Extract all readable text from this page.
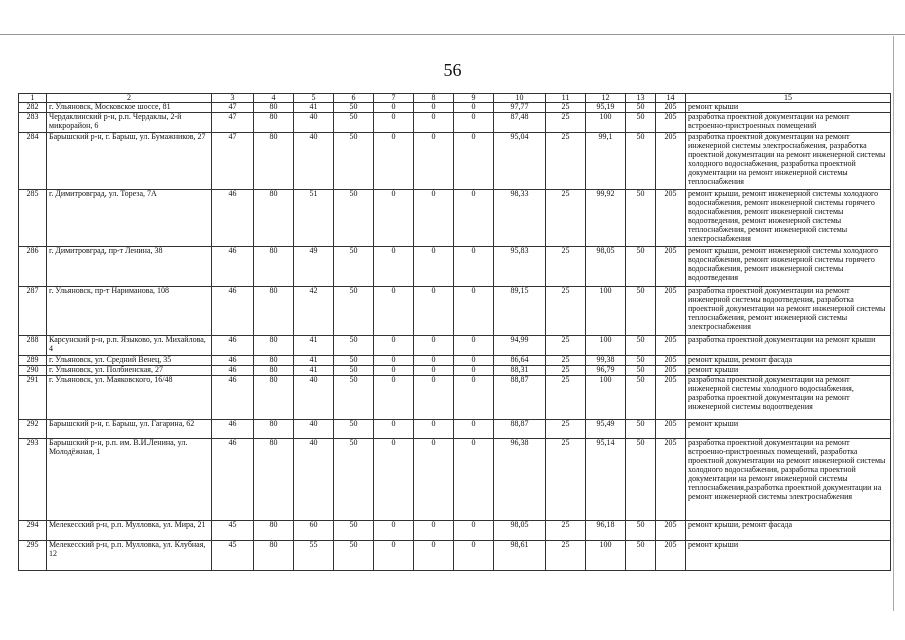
56
1	2	3	4	5	6	7	8	9	10	11	12	13	14	15
282	г. Ульяновск, Московское шоссе, 81	47	80	41	50	0	0	0	97,77	25	95,19	50	205	ремонт крыши
283	Чердаклинский р-н, р.п. Чердаклы, 2-й микрорайон, 6	47	80	40	50	0	0	0	87,48	25	100	50	205	разработка проектной документации на ремонт встроенно-пристроенных помещений
284	Барышский р-н, г. Барыш, ул. Бумажников, 27	47	80	40	50	0	0	0	95,04	25	99,1	50	205	разработка проектной документации на ремонт инженерной системы электроснабжения, разработка проектной документации на ремонт инженерной системы холодного водоснабжения, разработка проектной документации на ремонт инженерной системы теплоснабжения
285	г. Димитровград, ул. Тореза, 7А	46	80	51	50	0	0	0	98,33	25	99,92	50	205	ремонт крыши, ремонт инженерной системы холодного водоснабжения, ремонт инженерной системы горячего водоснабжения, ремонт инженерной системы водоотведения, ремонт инженерной системы теплоснабжения, ремонт инженерной системы электроснабжения
286	г. Димитровград, пр-т Ленина, 38	46	80	49	50	0	0	0	95,83	25	98,05	50	205	ремонт крыши, ремонт инженерной системы холодного водоснабжения, ремонт инженерной системы горячего водоснабжения, ремонт инженерной системы водоотведения
287	г. Ульяновск, пр-т Нариманова, 108	46	80	42	50	0	0	0	89,15	25	100	50	205	разработка проектной документации на ремонт инженерной системы водоотведения, разработка проектной документации на ремонт инженерной системы теплоснабжения, ремонт инженерной системы электроснабжения
288	Карсунский р-н, р.п. Языково, ул. Михайлова, 4	46	80	41	50	0	0	0	94,99	25	100	50	205	разработка проектной документации на ремонт крыши
289	г. Ульяновск, ул. Средний Венец, 35	46	80	41	50	0	0	0	86,64	25	99,38	50	205	ремонт крыши, ремонт фасада
290	г. Ульяновск, ул. Полбиенская, 27	46	80	41	50	0	0	0	88,31	25	96,79	50	205	ремонт крыши
291	г. Ульяновск, ул. Маяковского, 16/48	46	80	40	50	0	0	0	88,87	25	100	50	205	разработка проектной документации на ремонт инженерной системы холодного водоснабжения, разработка проектной документации на ремонт инженерной системы водоотведения
292	Барышский р-н, г. Барыш, ул. Гагарина, 62	46	80	40	50	0	0	0	88,87	25	95,49	50	205	ремонт крыши
293	Барышский р-н, р.п. им. В.И.Ленина, ул. Молодёжная, 1	46	80	40	50	0	0	0	96,38	25	95,14	50	205	разработка проектной документации на ремонт встроенно-пристроенных помещений, разработка проектной документации на ремонт инженерной системы холодного водоснабжения, разработка проектной документации на ремонт инженерной системы теплоснабжения,разработка проектной документации на ремонт инженерной системы электроснабжения
294	Мелекесский р-н, р.п. Мулловка, ул. Мира, 21	45	80	60	50	0	0	0	98,05	25	96,18	50	205	ремонт крыши, ремонт фасада
295	Мелекесский р-н, р.п. Мулловка, ул. Клубная, 12	45	80	55	50	0	0	0	98,61	25	100	50	205	ремонт крыши
